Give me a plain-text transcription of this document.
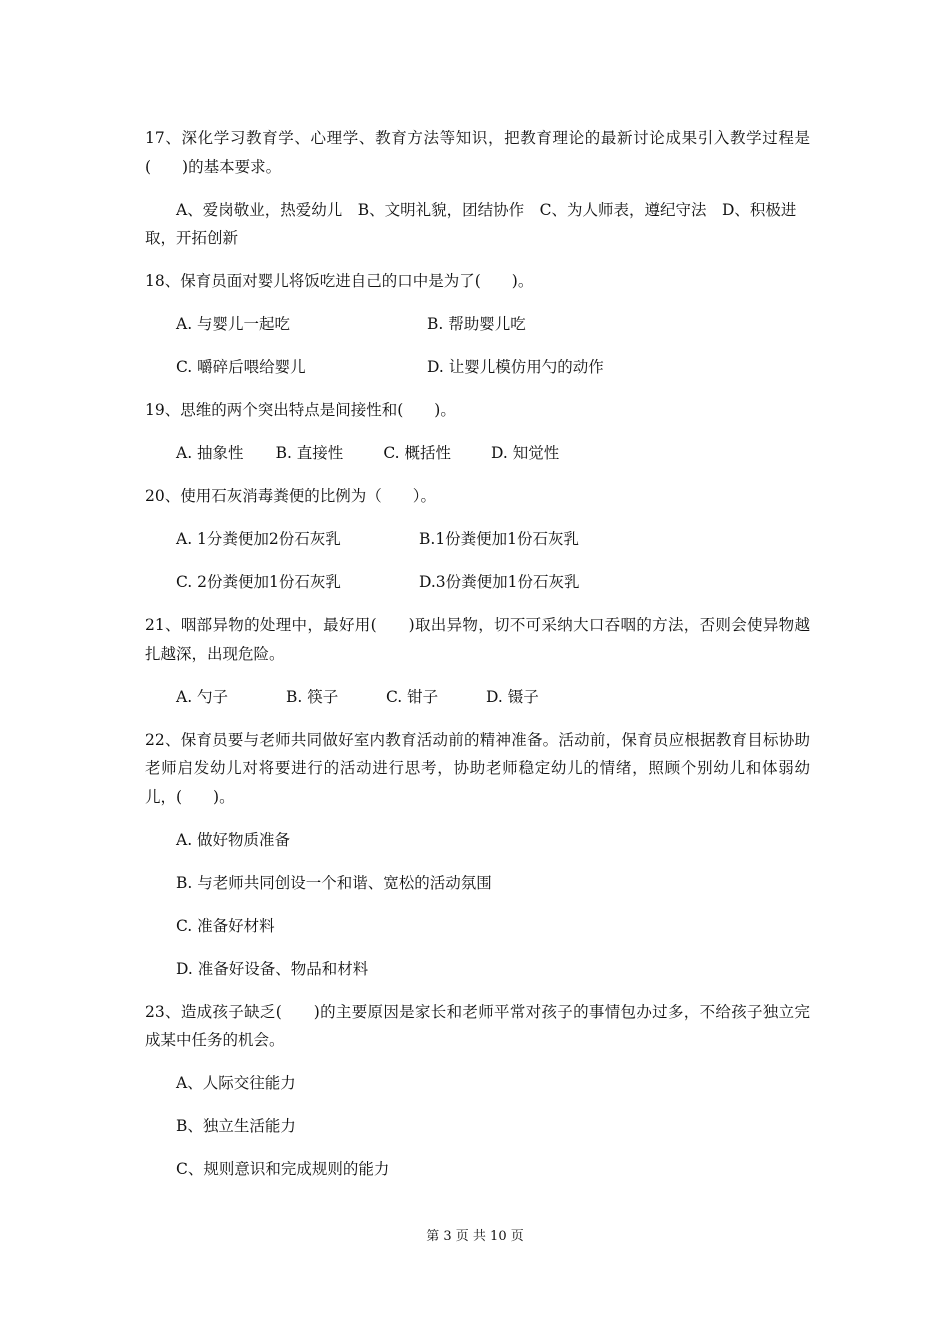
17、深化学习教育学、心理学、教育方法等知识，把教育理论的最新讨论成果引入教学过程是(　　)的基本要求。
A、爱岗敬业，热爱幼儿　B、文明礼貌，团结协作　C、为人师表，遵纪守法　D、积极进取，开拓创新
18、保育员面对婴儿将饭吃进自己的口中是为了(　　)。
A. 与婴儿一起吃	B. 帮助婴儿吃
C. 嚼碎后喂给婴儿	D. 让婴儿模仿用勺的动作
19、思维的两个突出特点是间接性和(　　)。
A. 抽象性 B. 直接性	C. 概括性	D. 知觉性
20、使用石灰消毒粪便的比例为（　　）。
A. 1分粪便加2份石灰乳	B.1份粪便加1份石灰乳
C. 2份粪便加1份石灰乳	D.3份粪便加1份石灰乳
21、咽部异物的处理中，最好用(　　)取出异物，切不可采纳大口吞咽的方法，否则会使异物越扎越深，出现危险。
A. 勺子	B. 筷子	C. 钳子	D. 镊子
22、保育员要与老师共同做好室内教育活动前的精神准备。活动前，保育员应根据教育目标协助老师启发幼儿对将要进行的活动进行思考，协助老师稳定幼儿的情绪，照顾个别幼儿和体弱幼儿，(　　)。
A. 做好物质准备
B. 与老师共同创设一个和谐、宽松的活动氛围
C. 准备好材料
D. 准备好设备、物品和材料
23、造成孩子缺乏(　　)的主要原因是家长和老师平常对孩子的事情包办过多，不给孩子独立完成某中任务的机会。
A、人际交往能力
B、独立生活能力
C、规则意识和完成规则的能力
第 3 页 共 10 页
